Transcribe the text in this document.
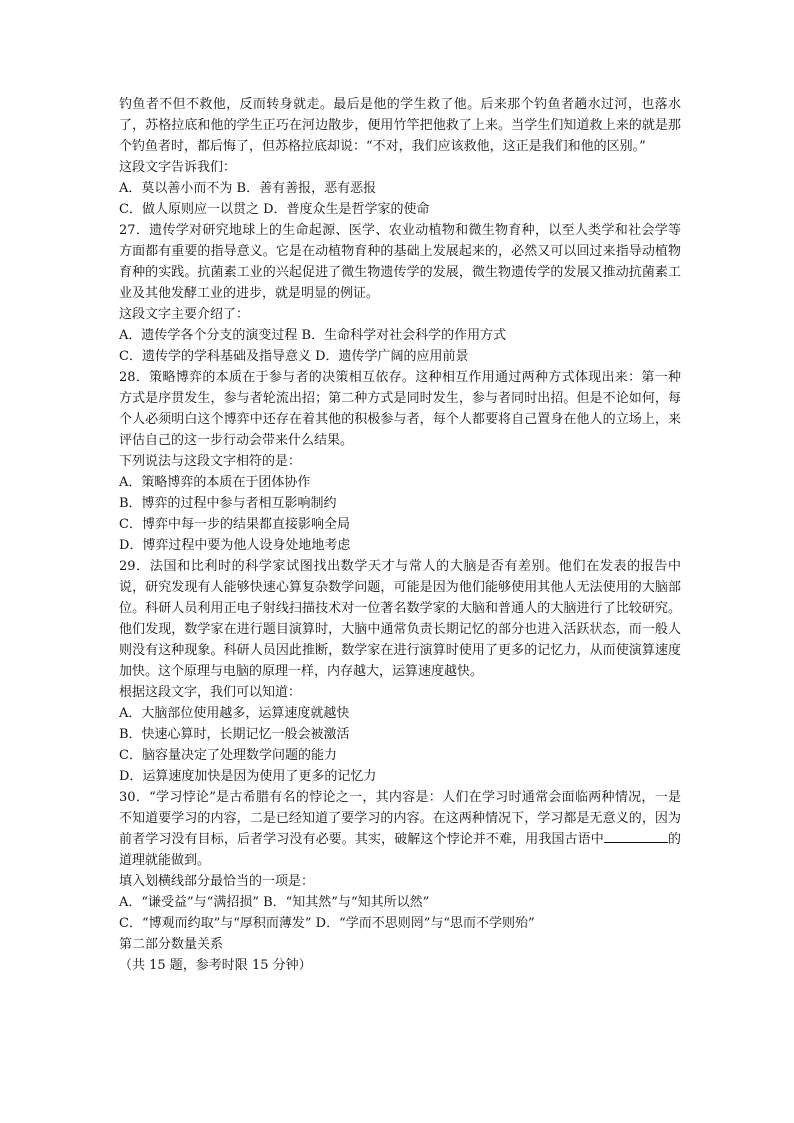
钓鱼者不但不救他，反而转身就走。最后是他的学生救了他。后来那个钓鱼者趟水过河，也落水了，苏格拉底和他的学生正巧在河边散步，便用竹竿把他救了上来。当学生们知道救上来的就是那个钓鱼者时，都后悔了，但苏格拉底却说：“不对，我们应该救他，这正是我们和他的区别。”

这段文字告诉我们：

A．莫以善小而不为 B．善有善报，恶有恶报

C．做人原则应一以贯之 D．普度众生是哲学家的使命

27．遗传学对研究地球上的生命起源、医学、农业动植物和微生物育种，以至人类学和社会学等方面都有重要的指导意义。它是在动植物育种的基础上发展起来的，必然又可以回过来指导动植物育种的实践。抗菌素工业的兴起促进了微生物遗传学的发展，微生物遗传学的发展又推动抗菌素工业及其他发酵工业的进步，就是明显的例证。

这段文字主要介绍了：

A．遗传学各个分支的演变过程 B．生命科学对社会科学的作用方式

C．遗传学的学科基础及指导意义 D．遗传学广阔的应用前景

28．策略博弈的本质在于参与者的决策相互依存。这种相互作用通过两种方式体现出来：第一种方式是序贯发生，参与者轮流出招；第二种方式是同时发生，参与者同时出招。但是不论如何，每个人必须明白这个博弈中还存在着其他的积极参与者，每个人都要将自己置身在他人的立场上，来评估自己的这一步行动会带来什么结果。

下列说法与这段文字相符的是：

A．策略博弈的本质在于团体协作

B．博弈的过程中参与者相互影响制约

C．博弈中每一步的结果都直接影响全局

D．博弈过程中要为他人设身处地地考虑

29．法国和比利时的科学家试图找出数学天才与常人的大脑是否有差别。他们在发表的报告中说，研究发现有人能够快速心算复杂数学问题，可能是因为他们能够使用其他人无法使用的大脑部位。科研人员利用正电子射线扫描技术对一位著名数学家的大脑和普通人的大脑进行了比较研究。他们发现，数学家在进行题目演算时，大脑中通常负责长期记忆的部分也进入活跃状态，而一般人则没有这种现象。科研人员因此推断，数学家在进行演算时使用了更多的记忆力，从而使演算速度加快。这个原理与电脑的原理一样，内存越大，运算速度越快。

根据这段文字，我们可以知道：

A．大脑部位使用越多，运算速度就越快

B．快速心算时，长期记忆一般会被激活

C．脑容量决定了处理数学问题的能力

D．运算速度加快是因为使用了更多的记忆力

30．“学习悖论”是古希腊有名的悖论之一，其内容是：人们在学习时通常会面临两种情况，一是不知道要学习的内容，二是已经知道了要学习的内容。在这两种情况下，学习都是无意义的，因为前者学习没有目标，后者学习没有必要。其实，破解这个悖论并不难，用我国古语中	的道理就能做到。

填入划横线部分最恰当的一项是：

A．“谦受益”与“满招损” B．“知其然”与“知其所以然”

C．“博观而约取”与“厚积而薄发” D．“学而不思则罔”与“思而不学则殆”

第二部分数量关系

（共 15 题，参考时限 15 分钟）
